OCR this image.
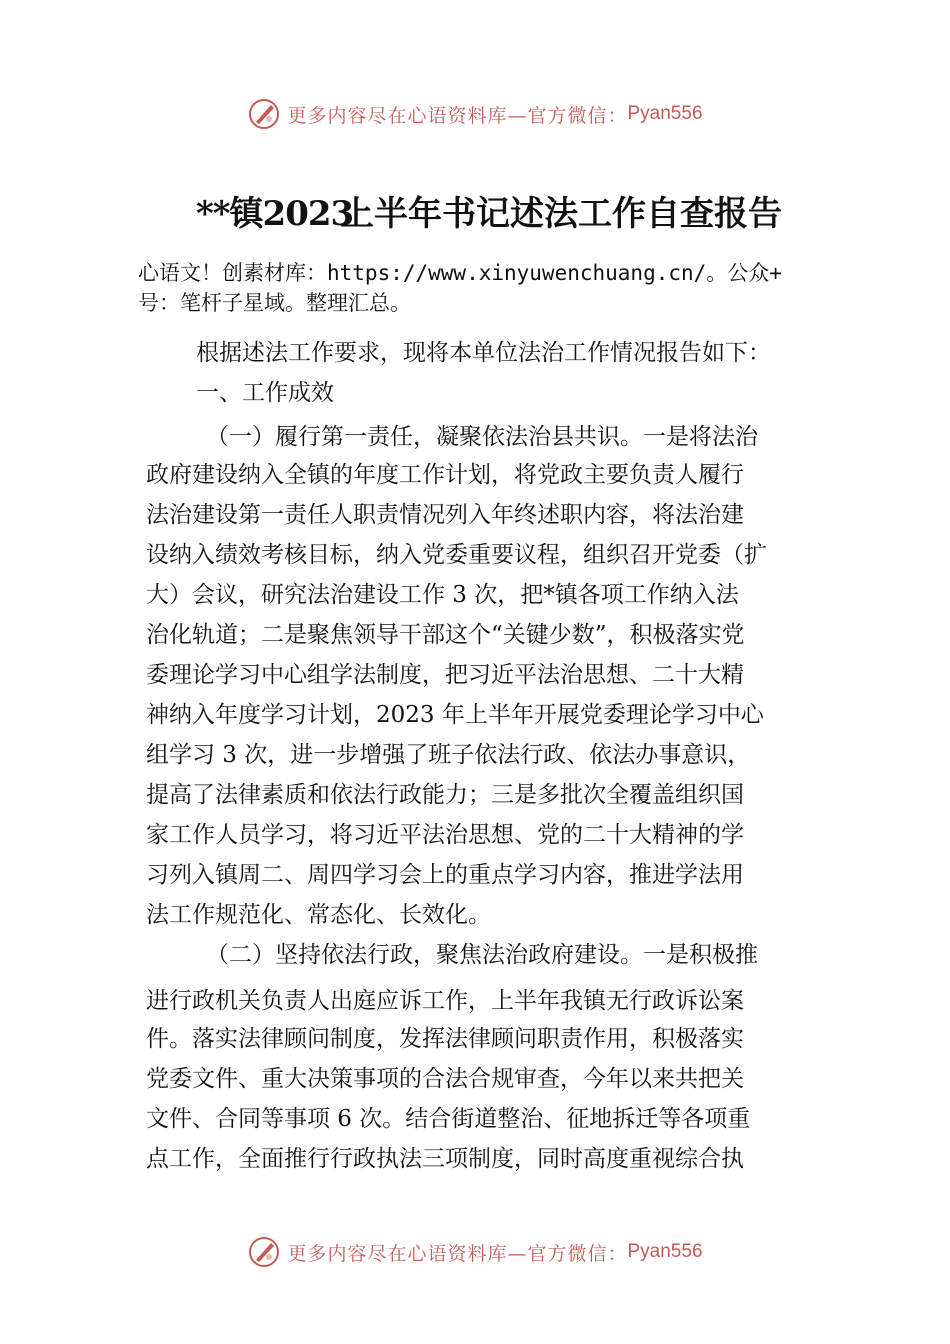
更多内容尽在心语资料库—官方微信： Pyan556
**镇2023
上半年书记述法工作自查报告
心语文！创素材库：https://www.xinyuwenchuang.cn/。公众+
号：笔杆子星域。整理汇总。
根据述法工作要求，现将本单位法治工作情况报告如下：
一、工作成效
（一）履行第一责任，凝聚依法治县共识。一是将法治
政府建设纳入全镇的年度工作计划，将党政主要负责人履行
法治建设第一责任人职责情况列入年终述职内容，将法治建
设纳入绩效考核目标，纳入党委重要议程，组织召开党委（扩
大）会议，研究法治建设工作 3 次，把*镇各项工作纳入法
治化轨道；二是聚焦领导干部这个“关键少数”，积极落实党
委理论学习中心组学法制度，把习近平法治思想、二十大精
神纳入年度学习计划，2023 年上半年开展党委理论学习中心
组学习 3 次，进一步增强了班子依法行政、依法办事意识，
提高了法律素质和依法行政能力；三是多批次全覆盖组织国
家工作人员学习，将习近平法治思想、党的二十大精神的学
习列入镇周二、周四学习会上的重点学习内容，推进学法用
法工作规范化、常态化、长效化。
（二）坚持依法行政，聚焦法治政府建设。一是积极推
进行政机关负责人出庭应诉工作，上半年我镇无行政诉讼案
件。落实法律顾问制度，发挥法律顾问职责作用，积极落实
党委文件、重大决策事项的合法合规审查，今年以来共把关
文件、合同等事项 6 次。结合街道整治、征地拆迁等各项重
点工作，全面推行行政执法三项制度，同时高度重视综合执
更多内容尽在心语资料库—官方微信： Pyan556
